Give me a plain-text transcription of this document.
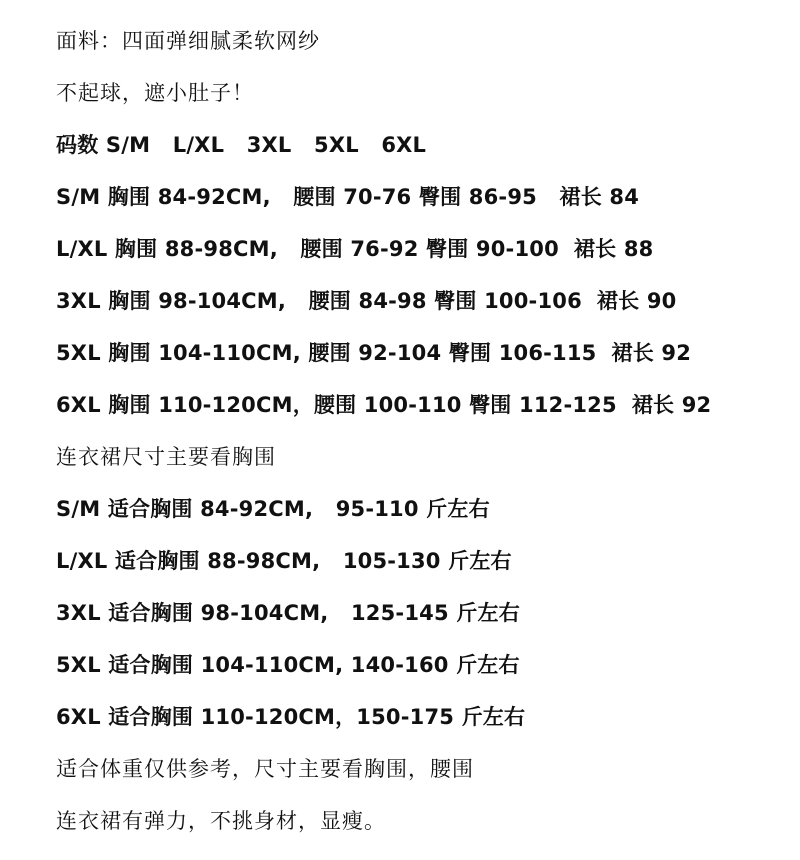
面料：四面弹细腻柔软网纱

不起球，遮小肚子！

码数 S/M   L/XL   3XL   5XL   6XL

S/M 胸围 84-92CM,   腰围 70-76 臀围 86-95   裙长 84

L/XL 胸围 88-98CM,   腰围 76-92 臀围 90-100  裙长 88

3XL 胸围 98-104CM,   腰围 84-98 臀围 100-106  裙长 90

5XL 胸围 104-110CM, 腰围 92-104 臀围 106-115  裙长 92

6XL 胸围 110-120CM，腰围 100-110 臀围 112-125  裙长 92

连衣裙尺寸主要看胸围

S/M 适合胸围 84-92CM,   95-110 斤左右

L/XL 适合胸围 88-98CM,   105-130 斤左右

3XL 适合胸围 98-104CM,   125-145 斤左右

5XL 适合胸围 104-110CM, 140-160 斤左右

6XL 适合胸围 110-120CM，150-175 斤左右

适合体重仅供参考，尺寸主要看胸围，腰围

连衣裙有弹力，不挑身材，显瘦。
